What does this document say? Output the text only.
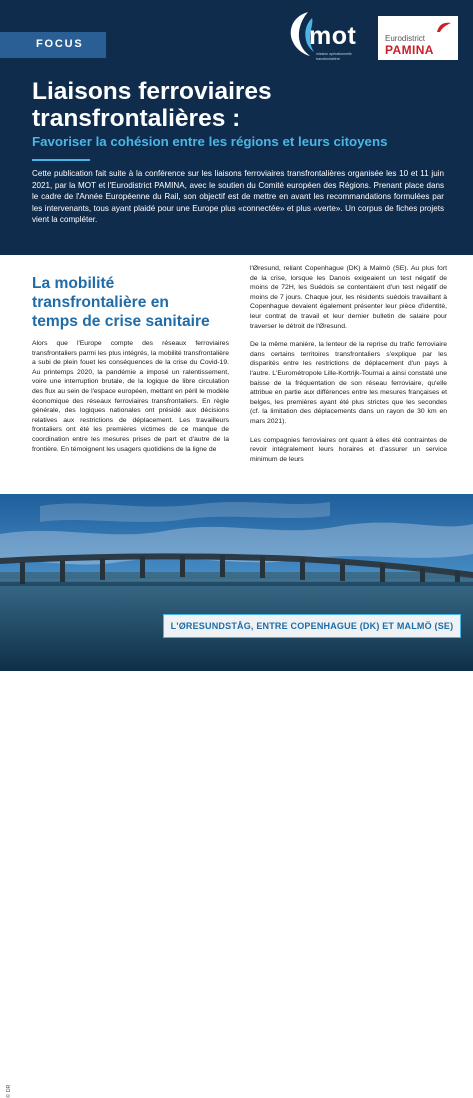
FOCUS	mot
mission opérationnelle transfrontalière
Eurodistrict
PAMINA
Liaisons ferroviaires
transfrontalières :
Favoriser la cohésion entre les régions et leurs citoyens

Cette publication fait suite à la conférence sur les liaisons ferroviaires transfrontalières organisée les 10 et 11 juin 2021, par la MOT et l'Eurodistrict PAMINA, avec le soutien du Comité européen des Régions. Prenant place dans le cadre de l'Année Européenne du Rail, son objectif est de mettre en avant les recommandations formulées par les intervenants, tous ayant plaidé pour une Europe plus «connectée» et plus «verte». Un corpus de fiches projets vient la compléter.

La mobilité
transfrontalière en
temps de crise sanitaire

Alors que l'Europe compte des réseaux ferroviaires transfrontaliers parmi les plus intégrés, la mobilité transfrontalière a subi de plein fouet les conséquences de la crise du Covid-19. Au printemps 2020, la pandémie a imposé un ralentissement, voire une interruption brutale, de la logique de libre circulation des flux au sein de l'espace européen, mettant en péril le modèle économique des réseaux ferroviaires transfrontaliers. En règle générale, des logiques nationales ont présidé aux décisions relatives aux restrictions de déplacement. Les travailleurs frontaliers ont été les premières victimes de ce manque de coordination entre les mesures prises de part et d'autre de la frontière. En témoignent les usagers quotidiens de la ligne de

l'Øresund, reliant Copenhague (DK) à Malmö (SE). Au plus fort de la crise, lorsque les Danois exigeaient un test négatif de moins de 72H, les Suédois se contentaient d'un test négatif de moins de 7 jours. Chaque jour, les résidents suédois travaillant à Copenhague devaient également présenter leur pièce d'identité, leur contrat de travail et leur dernier bulletin de salaire pour traverser le détroit de l'Øresund.

De la même manière, la lenteur de la reprise du trafic ferroviaire dans certains territoires transfrontaliers s'explique par les disparités entre les restrictions de déplacement d'un pays à l'autre. L'Eurométropole Lille-Kortrijk-Tournai a ainsi constaté une baisse de la fréquentation de son réseau ferroviaire, qu'elle attribue en partie aux différences entre les mesures françaises et belges, les premières ayant été plus strictes que les secondes (cf. la limitation des déplacements dans un rayon de 30 km en mars 2021).

Les compagnies ferroviaires ont quant à elles été contraintes de revoir intégralement leurs horaires et d'assurer un service minimum de leurs

© DR
L'ØRESUNDSTÅG, ENTRE COPENHAGUE (DK) ET MALMÖ (SE)
